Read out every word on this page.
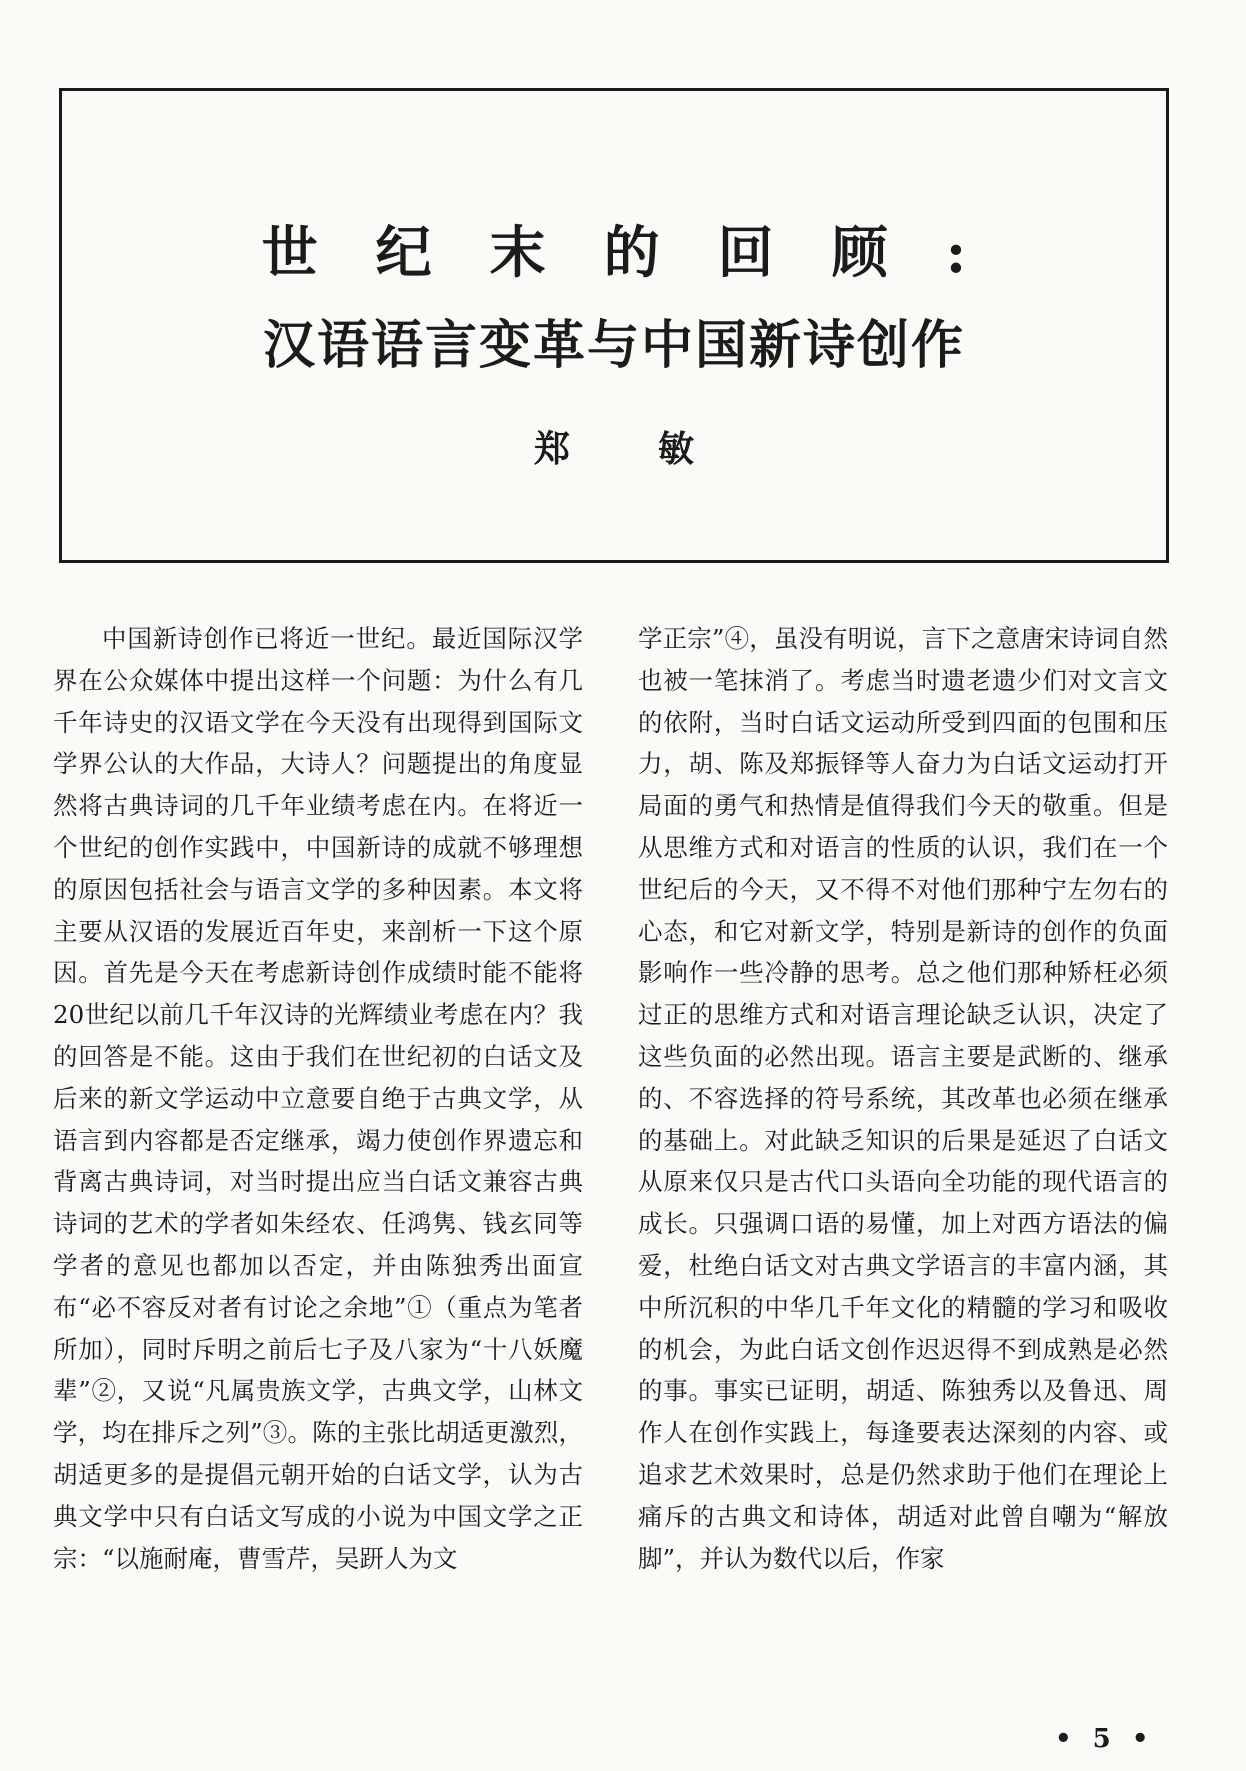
世纪末的回顾:
汉语语言变革与中国新诗创作
郑敏

中国新诗创作已将近一世纪。最近国际汉学界在公众媒体中提出这样一个问题：为什么有几千年诗史的汉语文学在今天没有出现得到国际文学界公认的大作品，大诗人？问题提出的角度显然将古典诗词的几千年业绩考虑在内。在将近一个世纪的创作实践中，中国新诗的成就不够理想的原因包括社会与语言文学的多种因素。本文将主要从汉语的发展近百年史，来剖析一下这个原因。首先是今天在考虑新诗创作成绩时能不能将20世纪以前几千年汉诗的光辉绩业考虑在内？我的回答是不能。这由于我们在世纪初的白话文及后来的新文学运动中立意要自绝于古典文学，从语言到内容都是否定继承，竭力使创作界遗忘和背离古典诗词，对当时提出应当白话文兼容古典诗词的艺术的学者如朱经农、任鸿隽、钱玄同等学者的意见也都加以否定，并由陈独秀出面宣布“必不容反对者有讨论之余地”①（重点为笔者所加），同时斥明之前后七子及八家为“十八妖魔辈”②，又说“凡属贵族文学，古典文学，山林文学，均在排斥之列”③。陈的主张比胡适更激烈，胡适更多的是提倡元朝开始的白话文学，认为古典文学中只有白话文写成的小说为中国文学之正宗：“以施耐庵，曹雪芹，吴趼人为文

学正宗”④，虽没有明说，言下之意唐宋诗词自然也被一笔抹消了。考虑当时遗老遗少们对文言文的依附，当时白话文运动所受到四面的包围和压力，胡、陈及郑振铎等人奋力为白话文运动打开局面的勇气和热情是值得我们今天的敬重。但是从思维方式和对语言的性质的认识，我们在一个世纪后的今天，又不得不对他们那种宁左勿右的心态，和它对新文学，特别是新诗的创作的负面影响作一些冷静的思考。总之他们那种矫枉必须过正的思维方式和对语言理论缺乏认识，决定了这些负面的必然出现。语言主要是武断的、继承的、不容选择的符号系统，其改革也必须在继承的基础上。对此缺乏知识的后果是延迟了白话文从原来仅只是古代口头语向全功能的现代语言的成长。只强调口语的易懂，加上对西方语法的偏爱，杜绝白话文对古典文学语言的丰富内涵，其中所沉积的中华几千年文化的精髓的学习和吸收的机会，为此白话文创作迟迟得不到成熟是必然的事。事实已证明，胡适、陈独秀以及鲁迅、周作人在创作实践上，每逢要表达深刻的内容、或追求艺术效果时，总是仍然求助于他们在理论上痛斥的古典文和诗体，胡适对此曾自嘲为“解放脚”，并认为数代以后，作家

• 5 •
